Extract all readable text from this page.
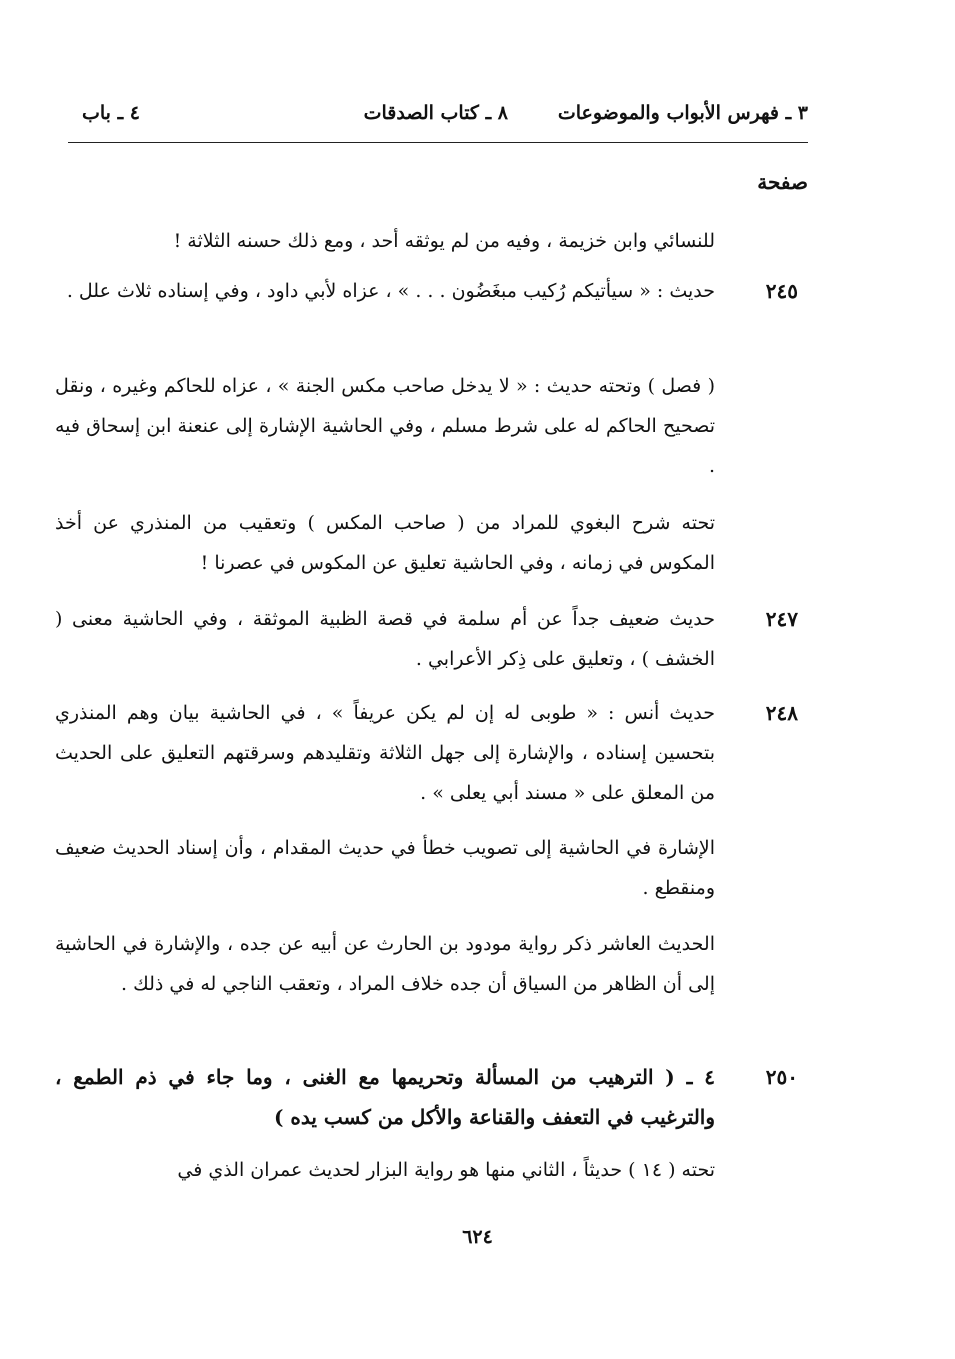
٣ ـ فهرس الأبواب والموضوعات
٨ ـ كتاب الصدقات
٤ ـ باب
صفحة
للنسائي وابن خزيمة ، وفيه من لم يوثقه أحد ، ومع ذلك حسنه الثلاثة !
٢٤٥
حديث : « سيأتيكم رُكيب مبغَضُون . . . » ، عزاه لأبي داود ، وفي إسناده ثلاث علل .
( فصل ) وتحته حديث : « لا يدخل صاحب مكس الجنة » ، عزاه للحاكم وغيره ، ونقل تصحيح الحاكم له على شرط مسلم ، وفي الحاشية الإشارة إلى عنعنة ابن إسحاق فيه .
تحته شرح البغوي للمراد من ( صاحب المكس ) وتعقيب من المنذري عن أخذ المكوس في زمانه ، وفي الحاشية تعليق عن المكوس في عصرنا !
٢٤٧
حديث ضعيف جداً عن أم سلمة في قصة الظبية الموثقة ، وفي الحاشية معنى ( الخشف ) ، وتعليق على ذِكر الأعرابي .
٢٤٨
حديث أنس : « طوبى له إن لم يكن عريفاً » ، في الحاشية بيان وهم المنذري بتحسين إسناده ، والإشارة إلى جهل الثلاثة وتقليدهم وسرقتهم التعليق على الحديث من المعلق على « مسند أبي يعلى » .
الإشارة في الحاشية إلى تصويب خطأ في حديث المقدام ، وأن إسناد الحديث ضعيف ومنقطع .
الحديث العاشر ذكر رواية مودود بن الحارث عن أبيه عن جده ، والإشارة في الحاشية إلى أن الظاهر من السياق أن جده خلاف المراد ، وتعقب الناجي له في ذلك .
٢٥٠
٤ ـ ( الترهيب من المسألة وتحريمها مع الغنى ، وما جاء في ذم الطمع ، والترغيب في التعفف والقناعة والأكل من كسب يده )
تحته ( ١٤ ) حديثاً ، الثاني منها هو رواية البزار لحديث عمران الذي في
٦٢٤
